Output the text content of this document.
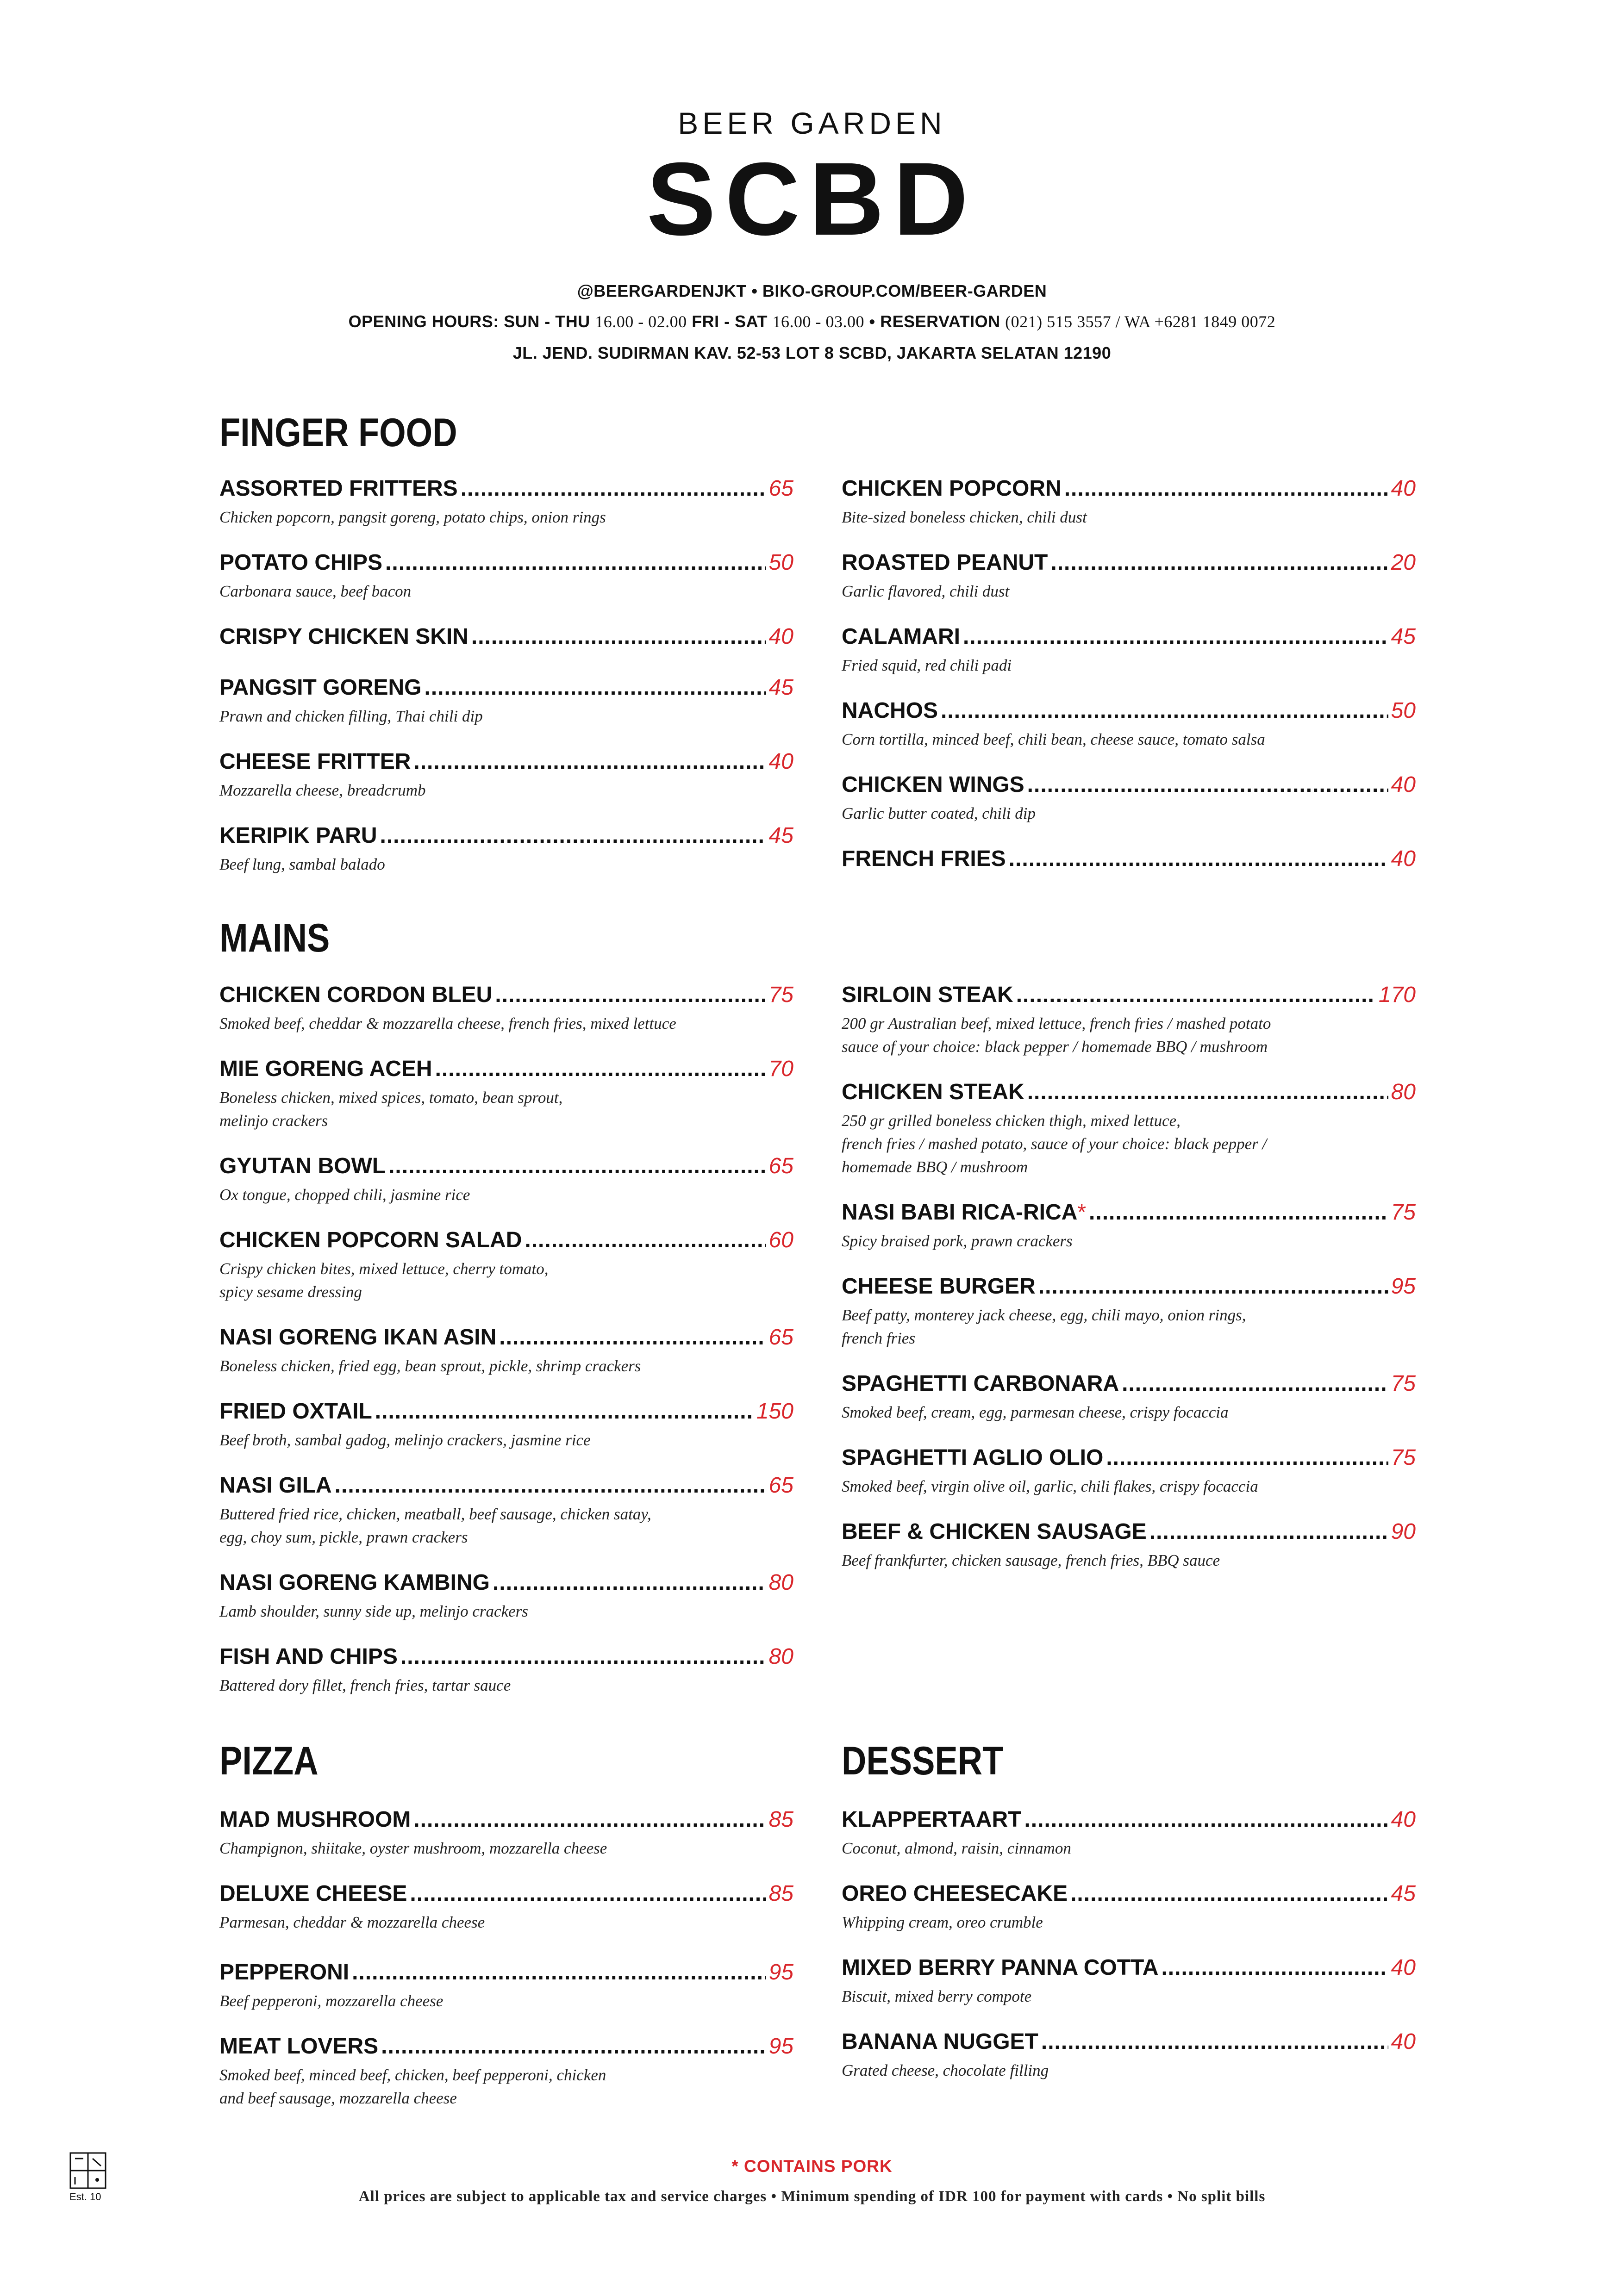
BEER GARDEN
SCBD
@BEERGARDENJKT • BIKO-GROUP.COM/BEER-GARDEN
OPENING HOURS: SUN - THU 16.00 - 02.00 FRI - SAT 16.00 - 03.00 • RESERVATION (021) 515 3557 / WA +6281 1849 0072
JL. JEND. SUDIRMAN KAV. 52-53 LOT 8 SCBD, JAKARTA SELATAN 12190
FINGER FOOD
ASSORTED FRITTERS .....	65
Chicken popcorn, pangsit goreng, potato chips, onion rings
POTATO CHIPS .....	50
Carbonara sauce, beef bacon
CRISPY CHICKEN SKIN .....	40
PANGSIT GORENG .....	45
Prawn and chicken filling, Thai chili dip
CHEESE FRITTER .....	40
Mozzarella cheese, breadcrumb
KERIPIK PARU .....	45
Beef lung, sambal balado
CHICKEN POPCORN .....	40
Bite-sized boneless chicken, chili dust
ROASTED PEANUT .....	20
Garlic flavored, chili dust
CALAMARI .....	45
Fried squid, red chili padi
NACHOS .....	50
Corn tortilla, minced beef, chili bean, cheese sauce, tomato salsa
CHICKEN WINGS .....	40
Garlic butter coated, chili dip
FRENCH FRIES .....	40
MAINS
CHICKEN CORDON BLEU .....	75
Smoked beef, cheddar & mozzarella cheese, french fries, mixed lettuce
MIE GORENG ACEH .....	70
Boneless chicken, mixed spices, tomato, bean sprout,
melinjo crackers
GYUTAN BOWL .....	65
Ox tongue, chopped chili, jasmine rice
CHICKEN POPCORN SALAD .....	60
Crispy chicken bites, mixed lettuce, cherry tomato,
spicy sesame dressing
NASI GORENG IKAN ASIN .....	65
Boneless chicken, fried egg, bean sprout, pickle, shrimp crackers
FRIED OXTAIL .....	150
Beef broth, sambal gadog, melinjo crackers, jasmine rice
NASI GILA .....	65
Buttered fried rice, chicken, meatball, beef sausage, chicken satay,
egg, choy sum, pickle, prawn crackers
NASI GORENG KAMBING .....	80
Lamb shoulder, sunny side up, melinjo crackers
FISH AND CHIPS .....	80
Battered dory fillet, french fries, tartar sauce
SIRLOIN STEAK .....	170
200 gr Australian beef, mixed lettuce, french fries / mashed potato
sauce of your choice: black pepper / homemade BBQ / mushroom
CHICKEN STEAK .....	80
250 gr grilled boneless chicken thigh, mixed lettuce,
french fries / mashed potato, sauce of your choice: black pepper /
homemade BBQ / mushroom
NASI BABI RICA-RICA * .....	75
Spicy braised pork, prawn crackers
CHEESE BURGER .....	95
Beef patty, monterey jack cheese, egg, chili mayo, onion rings,
french fries
SPAGHETTI CARBONARA .....	75
Smoked beef, cream, egg, parmesan cheese, crispy focaccia
SPAGHETTI AGLIO OLIO .....	75
Smoked beef, virgin olive oil, garlic, chili flakes, crispy focaccia
BEEF & CHICKEN SAUSAGE .....	90
Beef frankfurter, chicken sausage, french fries, BBQ sauce
PIZZA
MAD MUSHROOM .....	85
Champignon, shiitake, oyster mushroom, mozzarella cheese
DELUXE CHEESE .....	85
Parmesan, cheddar & mozzarella cheese
PEPPERONI .....	95
Beef pepperoni, mozzarella cheese
MEAT LOVERS .....	95
Smoked beef, minced beef, chicken, beef pepperoni, chicken
and beef sausage, mozzarella cheese
DESSERT
KLAPPERTAART .....	40
Coconut, almond, raisin, cinnamon
OREO CHEESECAKE .....	45
Whipping cream, oreo crumble
MIXED BERRY PANNA COTTA .....	40
Biscuit, mixed berry compote
BANANA NUGGET .....	40
Grated cheese, chocolate filling
Est. 10
* CONTAINS PORK
All prices are subject to applicable tax and service charges • Minimum spending of IDR 100 for payment with cards • No split bills
